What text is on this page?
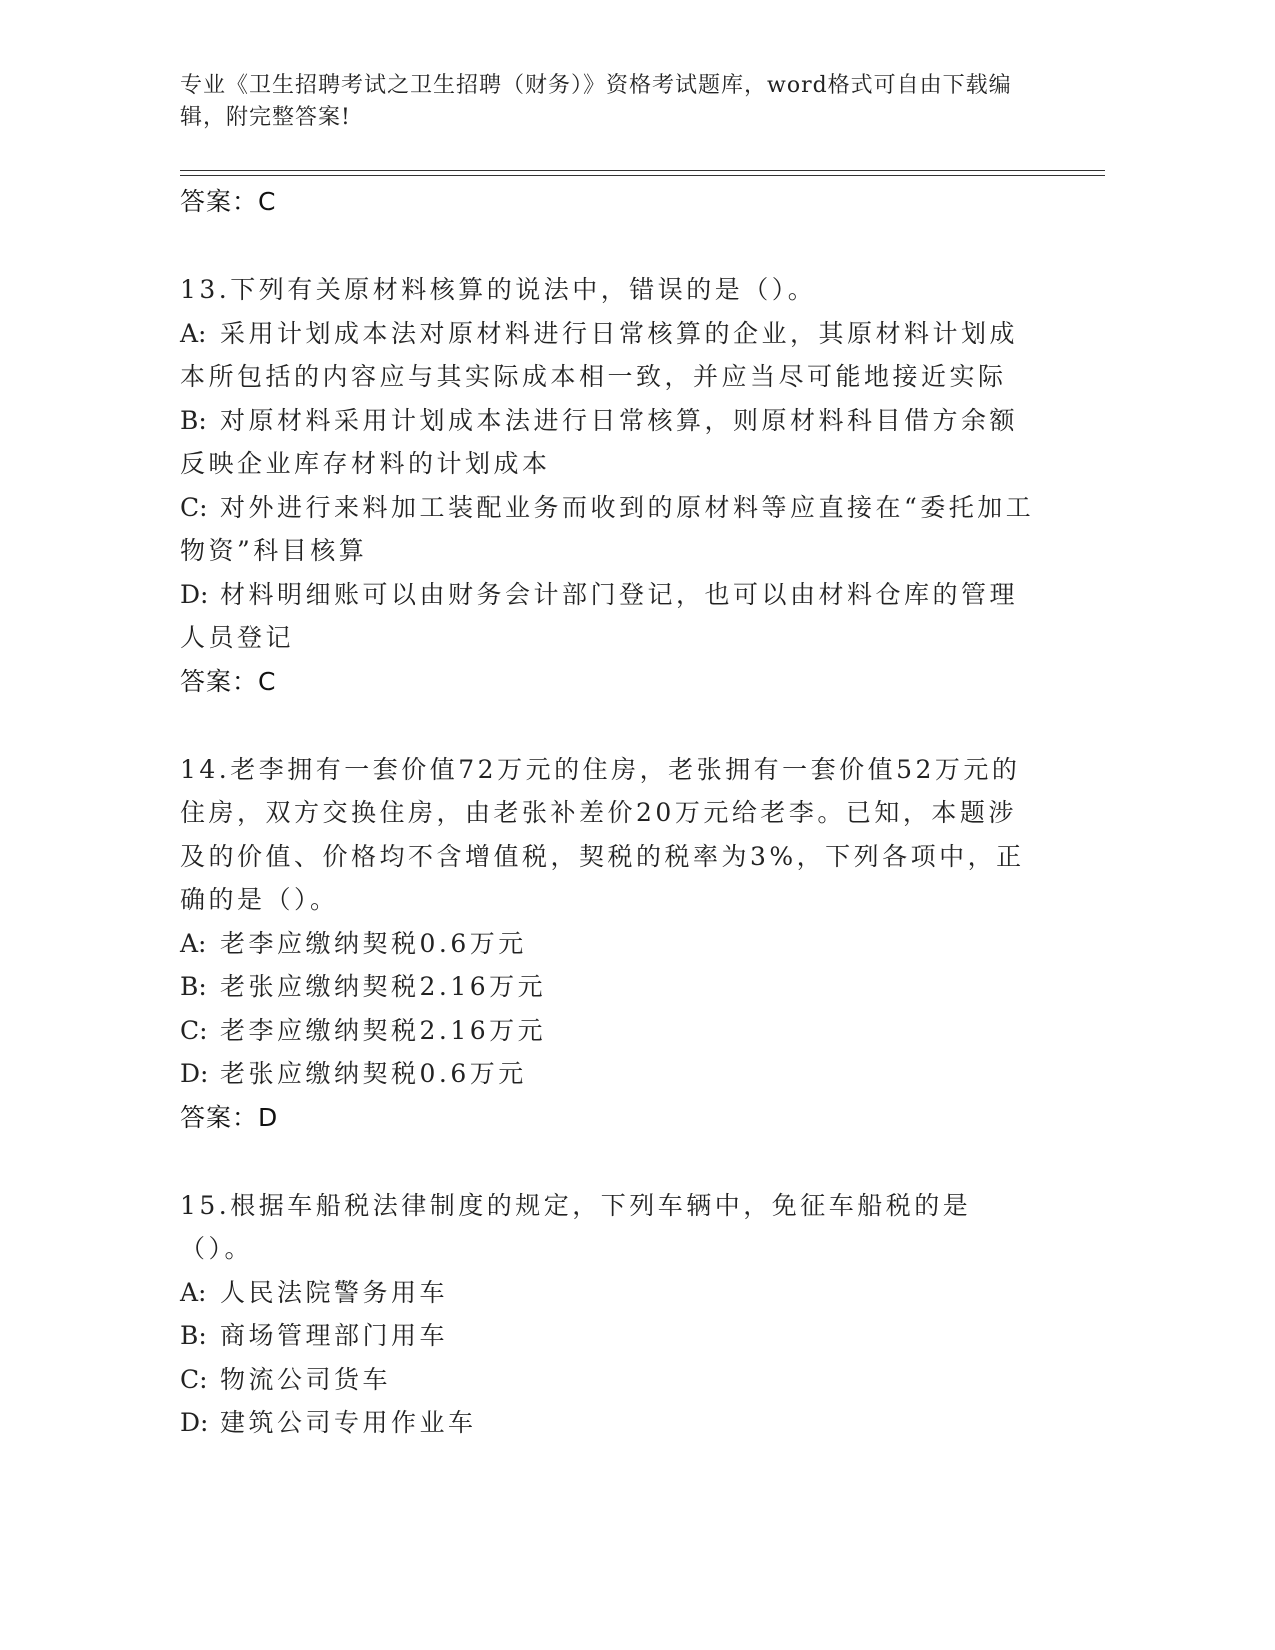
专业《卫生招聘考试之卫生招聘（财务）》资格考试题库，word格式可自由下载编辑，附完整答案!
答案：C
13.下列有关原材料核算的说法中，错误的是（）。
A: 采用计划成本法对原材料进行日常核算的企业，其原材料计划成本所包括的内容应与其实际成本相一致，并应当尽可能地接近实际
B: 对原材料采用计划成本法进行日常核算，则原材料科目借方余额反映企业库存材料的计划成本
C: 对外进行来料加工装配业务而收到的原材料等应直接在“委托加工物资”科目核算
D: 材料明细账可以由财务会计部门登记，也可以由材料仓库的管理人员登记
答案：C
14.老李拥有一套价值72万元的住房，老张拥有一套价值52万元的住房，双方交换住房，由老张补差价20万元给老李。已知，本题涉及的价值、价格均不含增值税，契税的税率为3%，下列各项中，正确的是（）。
A: 老李应缴纳契税0.6万元
B: 老张应缴纳契税2.16万元
C: 老李应缴纳契税2.16万元
D: 老张应缴纳契税0.6万元
答案：D
15.根据车船税法律制度的规定，下列车辆中，免征车船税的是（）。
A: 人民法院警务用车
B: 商场管理部门用车
C: 物流公司货车
D: 建筑公司专用作业车
